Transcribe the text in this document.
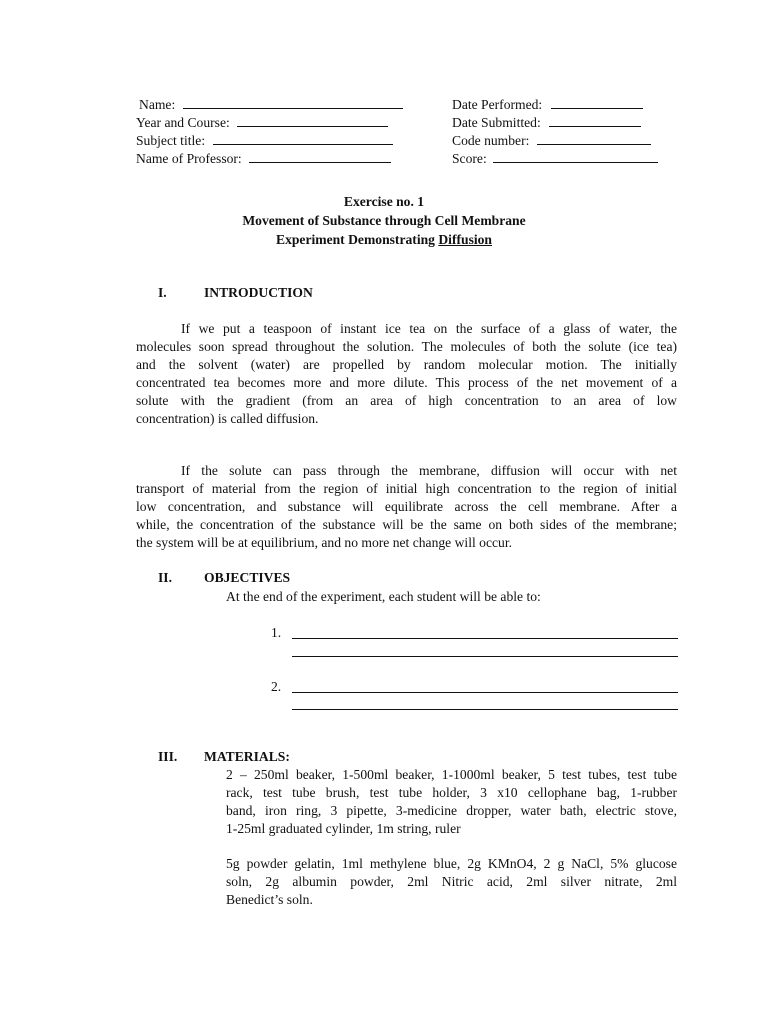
Name:
Year and Course:
Subject title:
Name of Professor:
Date Performed:
Date Submitted:
Code number:
Score:
Exercise no. 1
Movement of Substance through Cell Membrane
Experiment Demonstrating Diffusion
I.	INTRODUCTION
If we put a teaspoon of instant ice tea on the surface of a glass of water, the
molecules soon spread throughout the solution. The molecules of both the solute (ice tea)
and the solvent (water) are propelled by random molecular motion. The initially
concentrated tea becomes more and more dilute. This process of the net movement of a
solute with the gradient (from an area of high concentration to an area of low
concentration) is called diffusion.
If the solute can pass through the membrane, diffusion will occur with net
transport of material from the region of initial high concentration to the region of initial
low concentration, and substance will equilibrate across the cell membrane. After a
while, the concentration of the substance will be the same on both sides of the membrane;
the system will be at equilibrium, and no more net change will occur.
II. OBJECTIVES
At the end of the experiment, each student will be able to:
1.
2.
III. MATERIALS:
2 – 250ml beaker, 1-500ml beaker, 1-1000ml beaker, 5 test tubes, test tube
rack, test tube brush, test tube holder, 3 x10 cellophane bag, 1-rubber
band, iron ring, 3 pipette, 3-medicine dropper, water bath, electric stove,
1-25ml graduated cylinder, 1m string, ruler
5g powder gelatin, 1ml methylene blue, 2g KMnO4, 2 g NaCl, 5% glucose
soln, 2g albumin powder, 2ml Nitric acid, 2ml silver nitrate, 2ml
Benedict’s soln.
